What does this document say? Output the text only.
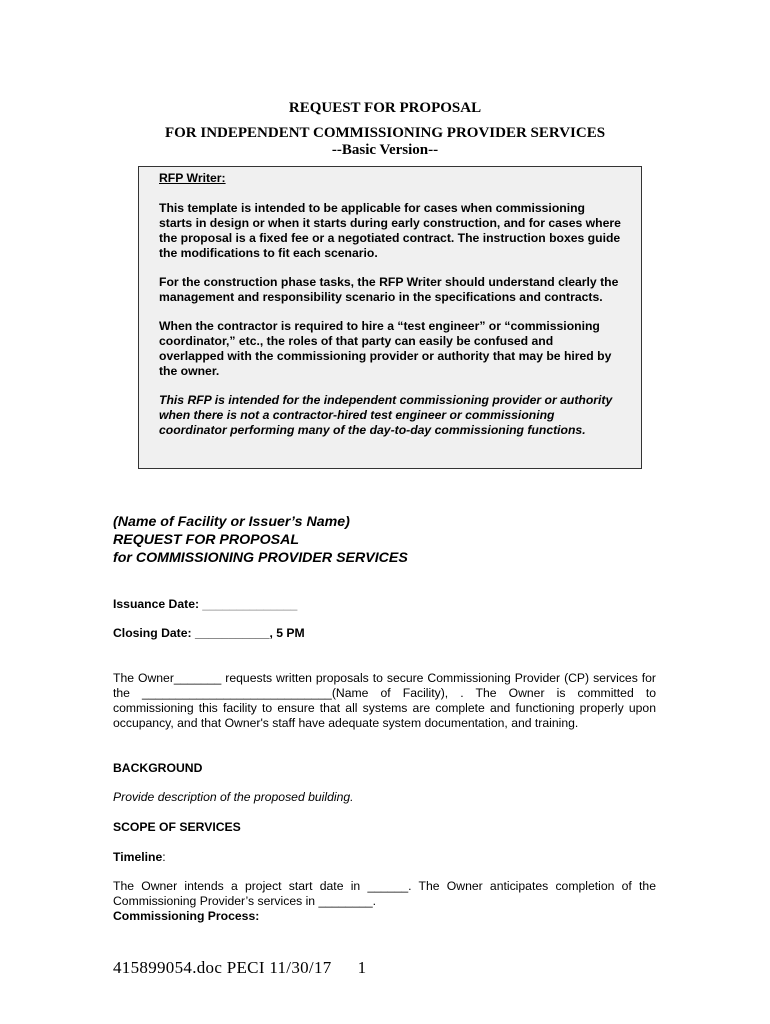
REQUEST FOR PROPOSAL
FOR INDEPENDENT COMMISSIONING PROVIDER SERVICES
--Basic Version--

RFP Writer:

This template is intended to be applicable for cases when commissioning starts in design or when it starts during early construction, and for cases where the proposal is a fixed fee or a negotiated contract. The instruction boxes guide the modifications to fit each scenario.

For the construction phase tasks, the RFP Writer should understand clearly the management and responsibility scenario in the specifications and contracts.

When the contractor is required to hire a “test engineer” or “commissioning coordinator,” etc., the roles of that party can easily be confused and overlapped with the commissioning provider or authority that may be hired by the owner.

This RFP is intended for the independent commissioning provider or authority when there is not a contractor-hired test engineer or commissioning coordinator performing many of the day-to-day commissioning functions.

(Name of Facility or Issuer’s Name)
REQUEST FOR PROPOSAL
for COMMISSIONING PROVIDER SERVICES
Issuance Date: ______________
Closing Date: ___________, 5 PM
The Owner_______ requests written proposals to secure Commissioning Provider (CP) services for the ____________________________(Name of Facility), . The Owner is committed to commissioning this facility to ensure that all systems are complete and functioning properly upon occupancy, and that Owner's staff have adequate system documentation, and training.
BACKGROUND
Provide description of the proposed building.
SCOPE OF SERVICES
Timeline:
The Owner intends a project start date in ______. The Owner anticipates completion of the Commissioning Provider’s services in ________.
Commissioning Process:
415899054.doc PECI 11/30/17 1
